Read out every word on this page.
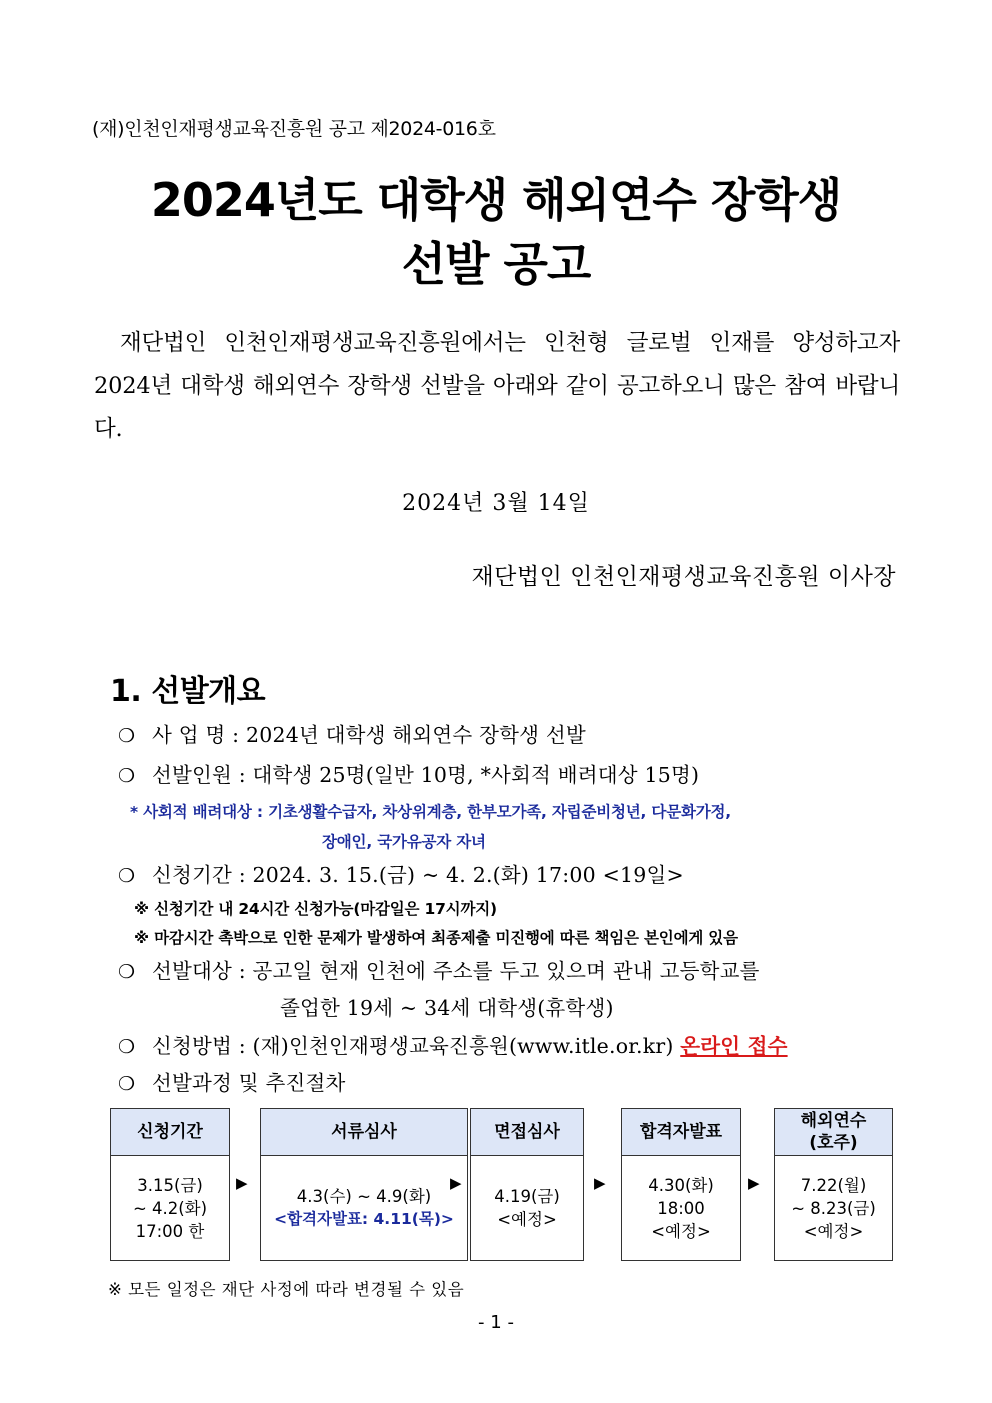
(재)인천인재평생교육진흥원 공고 제2024-016호
2024년도 대학생 해외연수 장학생
선발 공고

재단법인 인천인재평생교육진흥원에서는 인천형 글로벌 인재를 양성하고자 2024년 대학생 해외연수 장학생 선발을 아래와 같이 공고하오니 많은 참여 바랍니다.

2024년 3월 14일
재단법인 인천인재평생교육진흥원 이사장
1. 선발개요
❍ 사 업 명 : 2024년 대학생 해외연수 장학생 선발
❍ 선발인원 : 대학생 25명(일반 10명, *사회적 배려대상 15명)
* 사회적 배려대상 : 기초생활수급자, 차상위계층, 한부모가족, 자립준비청년, 다문화가정,
장애인, 국가유공자 자녀
❍ 신청기간 : 2024. 3. 15.(금) ~ 4. 2.(화) 17:00 <19일>
※ 신청기간 내 24시간 신청가능(마감일은 17시까지)
※ 마감시간 촉박으로 인한 문제가 발생하여 최종제출 미진행에 따른 책임은 본인에게 있음
❍ 선발대상 : 공고일 현재 인천에 주소를 두고 있으며 관내 고등학교를
졸업한 19세 ~ 34세 대학생(휴학생)
❍ 신청방법 : (재)인천인재평생교육진흥원(www.itle.or.kr) 온라인 접수
❍ 선발과정 및 추진절차
신청기간
3.15(금)
~ 4.2(화)
17:00 한
▶
서류심사
4.3(수) ~ 4.9(화)
<합격자발표: 4.11(목)>
▶
면접심사
4.19(금)
<예정>
▶
합격자발표
4.30(화)
18:00
<예정>
▶
해외연수
(호주)
7.22(월)
~ 8.23(금)
<예정>
※ 모든 일정은 재단 사정에 따라 변경될 수 있음
- 1 -
